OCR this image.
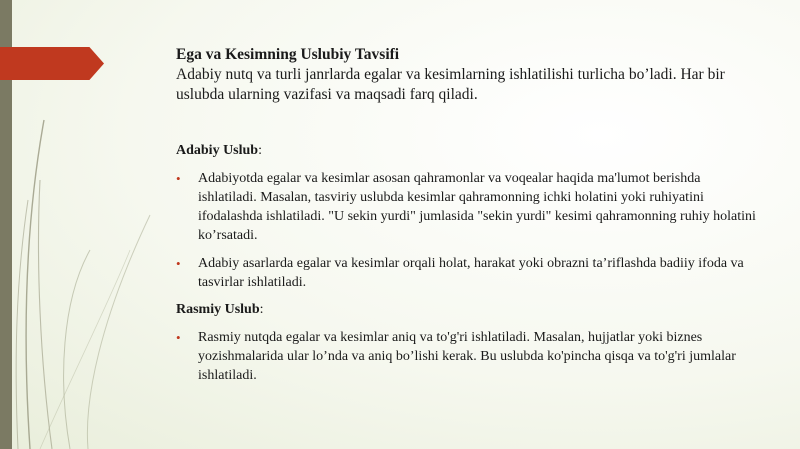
Ega va Kesimning Uslubiy Tavsifi

Adabiy nutq va turli janrlarda egalar va kesimlarning ishlatilishi turlicha bo’ladi. Har bir uslubda ularning vazifasi va maqsadi farq qiladi.

Adabiy Uslub:

• Adabiyotda egalar va kesimlar asosan qahramonlar va voqealar haqida ma'lumot berishda ishlatiladi. Masalan, tasviriy uslubda kesimlar qahramonning ichki holatini yoki ruhiyatini ifodalashda ishlatiladi. "U sekin yurdi" jumlasida "sekin yurdi" kesimi qahramonning ruhiy holatini ko’rsatadi.
• Adabiy asarlarda egalar va kesimlar orqali holat, harakat yoki obrazni ta’riflashda badiiy ifoda va tasvirlar ishlatiladi.

Rasmiy Uslub:

• Rasmiy nutqda egalar va kesimlar aniq va to'g'ri ishlatiladi. Masalan, hujjatlar yoki biznes yozishmalarida ular lo’nda va aniq bo’lishi kerak. Bu uslubda ko'pincha qisqa va to'g'ri jumlalar ishlatiladi.
